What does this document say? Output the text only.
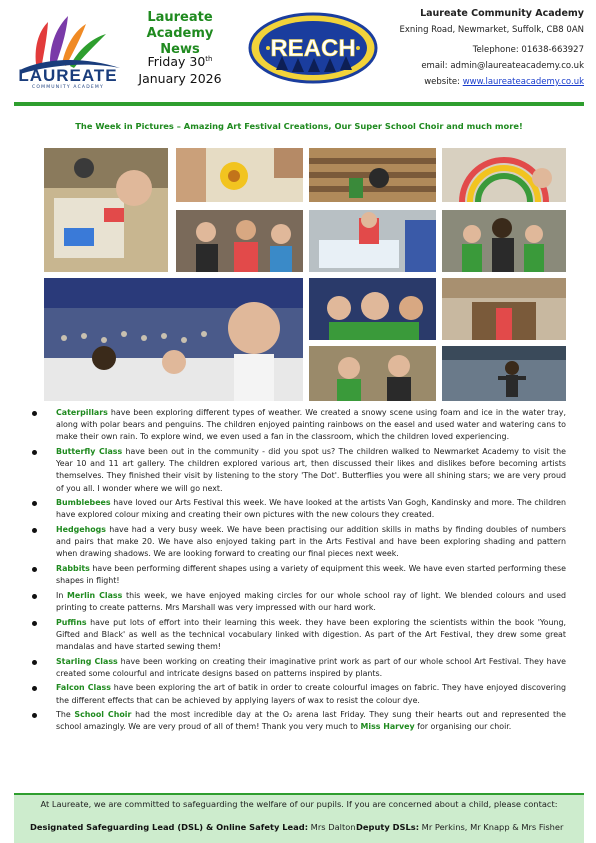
LAUREATE
COMMUNITY ACADEMY
Laureate
Academy News
Friday 30th
January 2026
REACH
Laureate Community Academy
Exning Road, Newmarket, Suffolk, CB8 0AN
Telephone: 01638-663927
email: admin@laureateacademy.co.uk
website: www.laureateacademy.co.uk
The Week in Pictures – Amazing Art Festival Creations, Our Super School Choir and much more!
Caterpillars have been exploring different types of weather. We created a snowy scene using foam and ice in the water tray, along with polar bears and penguins. The children enjoyed painting rainbows on the easel and used water and watering cans to make their own rain. To explore wind, we even used a fan in the classroom, which the children loved experiencing.
Butterfly Class have been out in the community - did you spot us? The children walked to Newmarket Academy to visit the Year 10 and 11 art gallery. The children explored various art, then discussed their likes and dislikes before becoming artists themselves. They finished their visit by listening to the story 'The Dot'. Butterflies you were all shining stars; we are very proud of you all. I wonder where we will go next.
Bumblebees have loved our Arts Festival this week. We have looked at the artists Van Gogh, Kandinsky and more. The children have explored colour mixing and creating their own pictures with the new colours they created.
Hedgehogs have had a very busy week. We have been practising our addition skills in maths by finding doubles of numbers and pairs that make 20. We have also enjoyed taking part in the Arts Festival and have been exploring shading and pattern when drawing shadows. We are looking forward to creating our final pieces next week.
Rabbits have been performing different shapes using a variety of equipment this week. We have even started performing these shapes in flight!
In Merlin Class this week, we have enjoyed making circles for our whole school ray of light. We blended colours and used printing to create patterns. Mrs Marshall was very impressed with our hard work.
Puffins have put lots of effort into their learning this week. they have been exploring the scientists within the book 'Young, Gifted and Black' as well as the technical vocabulary linked with digestion. As part of the Art Festival, they drew some great mandalas and have started sewing them!
Starling Class have been working on creating their imaginative print work as part of our whole school Art Festival. They have created some colourful and intricate designs based on patterns inspired by plants.
Falcon Class have been exploring the art of batik in order to create colourful images on fabric. They have enjoyed discovering the different effects that can be achieved by applying layers of wax to resist the colour dye.
The School Choir had the most incredible day at the O₂ arena last Friday. They sung their hearts out and represented the school amazingly. We are very proud of all of them! Thank you very much to Miss Harvey for organising our choir.
At Laureate, we are committed to safeguarding the welfare of our pupils. If you are concerned about a child, please contact:
Designated Safeguarding Lead (DSL) & Online Safety Lead: Mrs Dalton Deputy DSLs: Mr Perkins, Mr Knapp & Mrs Fisher
